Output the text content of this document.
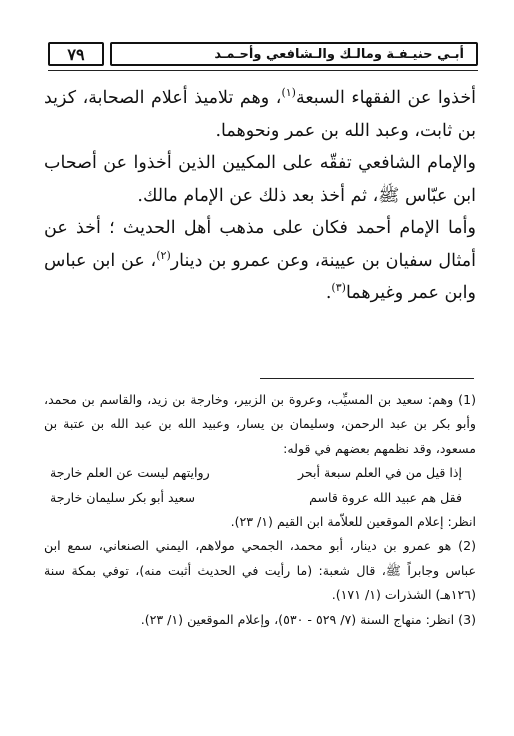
٧٩	أبـي حنيـفـة ومالـك والـشافعي وأحـمـد

أخذوا عن الفقهاء السبعة$^{(١)}$، وهم تلاميذ أعلام الصحابة، كزيد بن ثابت، وعبد الله بن عمر ونحوهما.

والإمام الشافعي تفقّه على المكيين الذين أخذوا عن أصحاب ابن عبّاس ﷺ، ثم أخذ بعد ذلك عن الإمام مالك.

وأما الإمام أحمد فكان على مذهب أهل الحديث ؛ أخذ عن أمثال سفيان بن عيينة، وعن عمرو بن دينار$^{(٢)}$، عن ابن عباس وابن عمر وغيرهما$^{(٣)}$.

(1) وهم: سعيد بن المسيِّب، وعروة بن الزبير، وخارجة بن زيد، والقاسم بن محمد، وأبو بكر بن عبد الرحمن، وسليمان بن يسار، وعبيد الله بن عبد الله بن عتبة بن مسعود، وقد نظمهم بعضهم في قوله:

إذا قيل من في العلم سبعة أبحر
روايتهم ليست عن العلم خارجة
فقل هم عبيد الله عروة قاسم
سعيد أبو بكر سليمان خارجة

انظر: إعلام الموقعين للعلاّمة ابن القيم (١/ ٢٣).

(2) هو عمرو بن دينار، أبو محمد، الجمحي مولاهم، اليمني الصنعاني، سمع ابن عباس وجابراً ﷺ، قال شعبة: (ما رأيت في الحديث أثبت منه)، توفي بمكة سنة (١٢٦هـ) الشذرات (١/ ١٧١).

(3) انظر: منهاج السنة (٧/ ٥٢٩ - ٥٣٠)، وإعلام الموقعين (١/ ٢٣).
